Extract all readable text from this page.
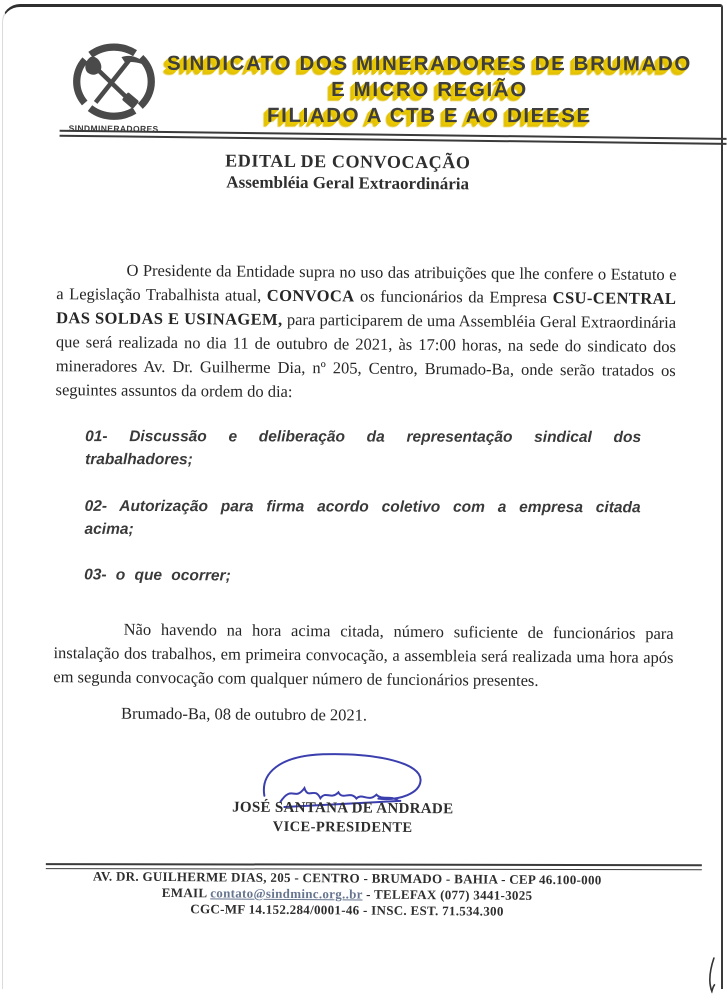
SINDMINERADORES
SINDICATO DOS MINERADORES DE BRUMADO
E MICRO REGIÃO
FILIADO A CTB E AO DIEESE
EDITAL DE CONVOCAÇÃO
Assembléia Geral Extraordinária
O Presidente da Entidade supra no uso das atribuições que lhe confere o Estatuto e a Legislação Trabalhista atual, CONVOCA os funcionários da Empresa CSU-CENTRAL DAS SOLDAS E USINAGEM, para participarem de uma Assembléia Geral Extraordinária que será realizada no dia 11 de outubro de 2021, às 17:00 horas, na sede do sindicato dos mineradores Av. Dr. Guilherme Dia, nº 205, Centro, Brumado-Ba, onde serão tratados os seguintes assuntos da ordem do dia:
01- Discussão e deliberação da representação sindical dos trabalhadores;
02- Autorização para firma acordo coletivo com a empresa citada acima;
03- o que ocorrer;
Não havendo na hora acima citada, número suficiente de funcionários para instalação dos trabalhos, em primeira convocação, a assembleia será realizada uma hora após em segunda convocação com qualquer número de funcionários presentes.
Brumado-Ba, 08 de outubro de 2021.
JOSÉ SANTANA DE ANDRADE
VICE-PRESIDENTE
AV. DR. GUILHERME DIAS, 205 - CENTRO - BRUMADO - BAHIA - CEP 46.100-000
EMAIL contato@sindminc.org..br - TELEFAX (077) 3441-3025
CGC-MF 14.152.284/0001-46 - INSC. EST. 71.534.300
